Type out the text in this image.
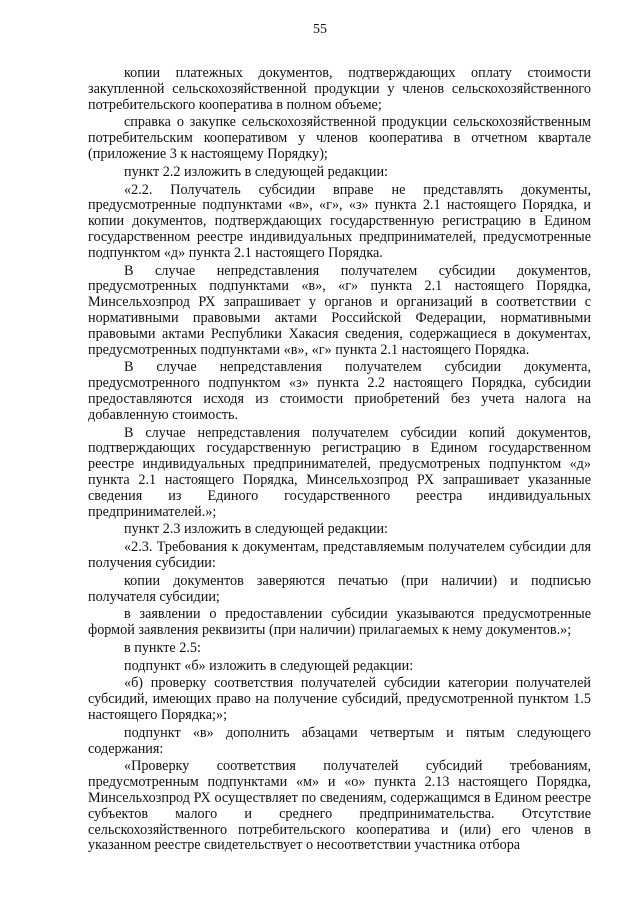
55

копии платежных документов, подтверждающих оплату стоимости закупленной сельскохозяйственной продукции у членов сельскохозяйственного потребительского кооператива в полном объеме;

справка о закупке сельскохозяйственной продукции сельскохозяйственным потребительским кооперативом у членов кооператива в отчетном квартале (приложение 3 к настоящему Порядку);

пункт 2.2 изложить в следующей редакции:

«2.2. Получатель субсидии вправе не представлять документы, предусмотренные подпунктами «в», «г», «з» пункта 2.1 настоящего Порядка, и копии документов, подтверждающих государственную регистрацию в Едином государственном реестре индивидуальных предпринимателей, предусмотренные подпунктом «д» пункта 2.1 настоящего Порядка.

В случае непредставления получателем субсидии документов, предусмотренных подпунктами «в», «г» пункта 2.1 настоящего Порядка, Минсельхозпрод РХ запрашивает у органов и организаций в соответствии с нормативными правовыми актами Российской Федерации, нормативными правовыми актами Республики Хакасия сведения, содержащиеся в документах, предусмотренных подпунктами «в», «г» пункта 2.1 настоящего Порядка.

В случае непредставления получателем субсидии документа, предусмотренного подпунктом «з» пункта 2.2 настоящего Порядка, субсидии предоставляются исходя из стоимости приобретений без учета налога на добавленную стоимость.

В случае непредставления получателем субсидии копий документов, подтверждающих государственную регистрацию в Едином государственном реестре индивидуальных предпринимателей, предусмотреных подпунктом «д» пункта 2.1 настоящего Порядка, Минсельхозпрод РХ запрашивает указанные сведения из Единого государственного реестра индивидуальных предпринимателей.»;

пункт 2.3 изложить в следующей редакции:

«2.3. Требования к документам, представляемым получателем субсидии для получения субсидии:

копии документов заверяются печатью (при наличии) и подписью получателя субсидии;

в заявлении о предоставлении субсидии указываются предусмотренные формой заявления реквизиты (при наличии) прилагаемых к нему документов.»;

в пункте 2.5:

подпункт «б» изложить в следующей редакции:

«б) проверку соответствия получателей субсидии категории получателей субсидий, имеющих право на получение субсидий, предусмотренной пунктом 1.5 настоящего Порядка;»;

подпункт «в» дополнить абзацами четвертым и пятым следующего содержания:

«Проверку соответствия получателей субсидий требованиям, предусмотренным подпунктами «м» и «о» пункта 2.13 настоящего Порядка, Минсельхозпрод РХ осуществляет по сведениям, содержащимся в Едином реестре субъектов малого и среднего предпринимательства. Отсутствие сельскохозяйственного потребительского кооператива и (или) его членов в указанном реестре свидетельствует о несоответствии участника отбора
